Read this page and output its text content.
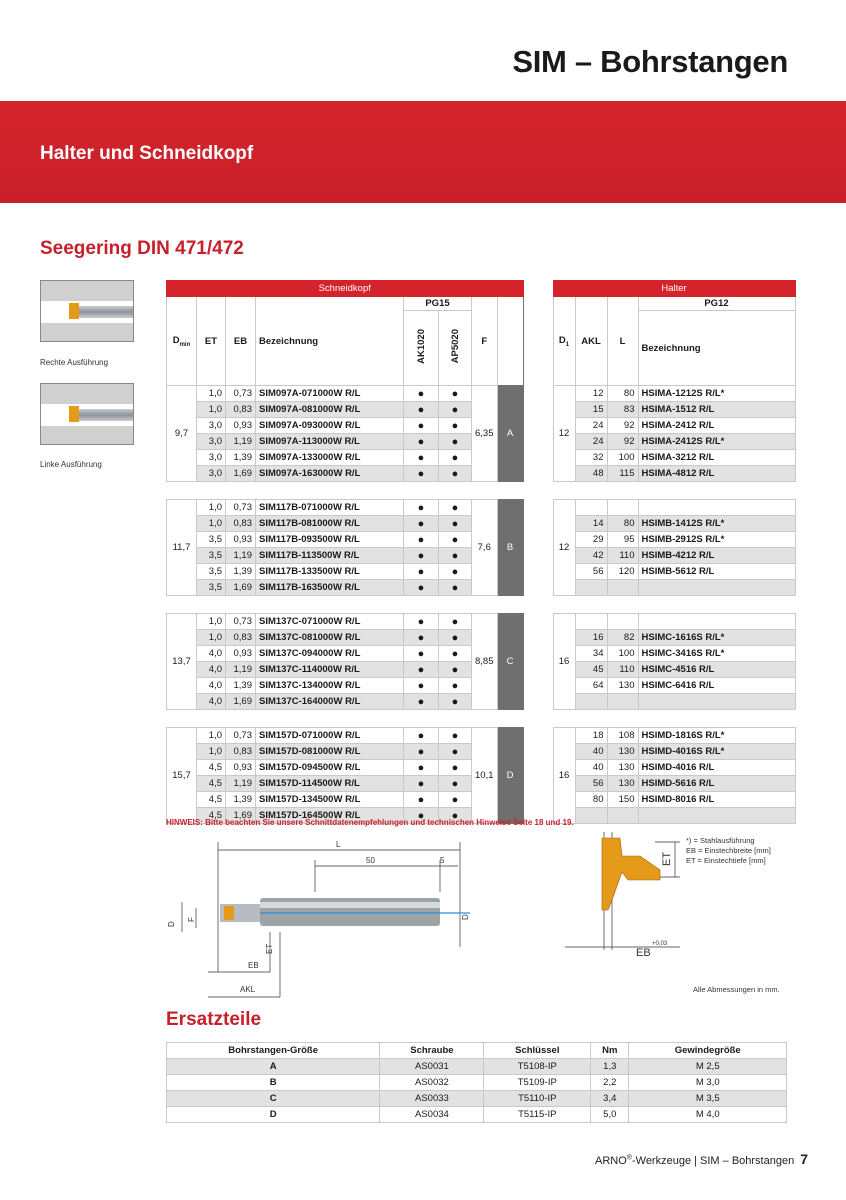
SIM – Bohrstangen
Halter und Schneidkopf
Seegering DIN 471/472
Rechte Ausführung
Linke Ausführung
Schneidkopf									Halter			
$D_{min}$	ET	EB	Bezeichnung	PG15		F	Größe		$D_1$	AKL	L	PG12
				AK1020	AP5020							Bezeichnung
9,7	1,0	0,73	SIM097A-071000W R/L	●	●	6,35	A		12	12	80	HSIMA-1212S R/L*
	1,0	0,83	SIM097A-081000W R/L	●	●					15	83	HSIMA-1512 R/L
	3,0	0,93	SIM097A-093000W R/L	●	●					24	92	HSIMA-2412 R/L
	3,0	1,19	SIM097A-113000W R/L	●	●					24	92	HSIMA-2412S R/L*
	3,0	1,39	SIM097A-133000W R/L	●	●					32	100	HSIMA-3212 R/L
	3,0	1,69	SIM097A-163000W R/L	●	●					48	115	HSIMA-4812 R/L

11,7	1,0	0,73	SIM117B-071000W R/L	●	●	7,6	B		12			
	1,0	0,83	SIM117B-081000W R/L	●	●					14	80	HSIMB-1412S R/L*
	3,5	0,93	SIM117B-093500W R/L	●	●					29	95	HSIMB-2912S R/L*
	3,5	1,19	SIM117B-113500W R/L	●	●					42	110	HSIMB-4212 R/L
	3,5	1,39	SIM117B-133500W R/L	●	●					56	120	HSIMB-5612 R/L
	3,5	1,69	SIM117B-163500W R/L	●	●							

13,7	1,0	0,73	SIM137C-071000W R/L	●	●	8,85	C		16			
	1,0	0,83	SIM137C-081000W R/L	●	●					16	82	HSIMC-1616S R/L*
	4,0	0,93	SIM137C-094000W R/L	●	●					34	100	HSIMC-3416S R/L*
	4,0	1,19	SIM137C-114000W R/L	●	●					45	110	HSIMC-4516 R/L
	4,0	1,39	SIM137C-134000W R/L	●	●					64	130	HSIMC-6416 R/L
	4,0	1,69	SIM137C-164000W R/L	●	●							

15,7	1,0	0,73	SIM157D-071000W R/L	●	●	10,1	D		16	18	108	HSIMD-1816S R/L*
	1,0	0,83	SIM157D-081000W R/L	●	●					40	130	HSIMD-4016S R/L*
	4,5	0,93	SIM157D-094500W R/L	●	●					40	130	HSIMD-4016 R/L
	4,5	1,19	SIM157D-114500W R/L	●	●					56	130	HSIMD-5616 R/L
	4,5	1,39	SIM157D-134500W R/L	●	●					80	150	HSIMD-8016 R/L
	4,5	1,69	SIM157D-164500W R/L	●	●							
HINWEIS: Bitte beachten Sie unsere Schnittdatenempfehlungen und technischen Hinweise Seite 18 und 19.
L
50	5
EB
AKL
ET
D
F	D
EB
+0,03
ET
*) = Stahlausführung
EB = Einstechbreite [mm]
ET = Einstechtiefe [mm]
Alle Abmessungen in mm.
Ersatzteile
Bohrstangen-Größe	Schraube	Schlüssel	Nm	Gewindegröße
A	AS0031	T5108-IP	1,3	M 2,5
B	AS0032	T5109-IP	2,2	M 3,0
C	AS0033	T5110-IP	3,4	M 3,5
D	AS0034	T5115-IP	5,0	M 4,0
ARNO®-Werkzeuge | SIM – Bohrstangen 7
